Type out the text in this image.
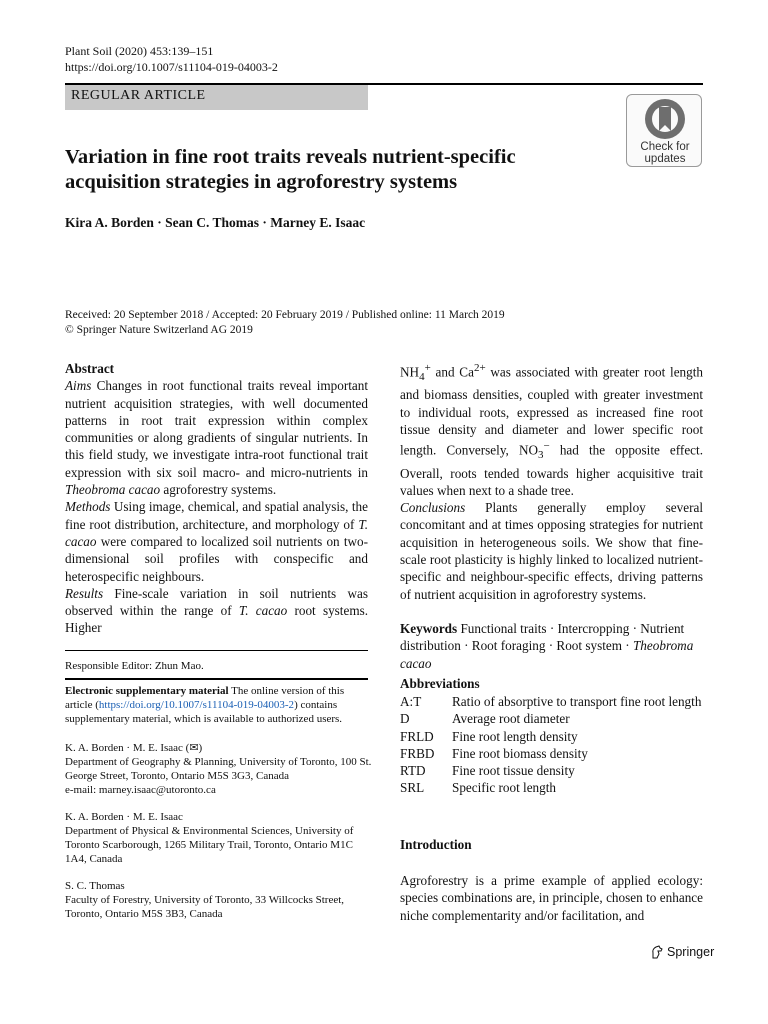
Plant Soil (2020) 453:139–151
https://doi.org/10.1007/s11104-019-04003-2
REGULAR ARTICLE
Check for updates
Variation in fine root traits reveals nutrient-specific acquisition strategies in agroforestry systems
Kira A. Borden · Sean C. Thomas · Marney E. Isaac
Received: 20 September 2018 / Accepted: 20 February 2019 / Published online: 11 March 2019
© Springer Nature Switzerland AG 2019

Abstract

Aims Changes in root functional traits reveal important nutrient acquisition strategies, with well documented patterns in root trait expression within complex communities or along gradients of singular nutrients. In this field study, we investigate intra-root functional trait expression with six soil macro- and micro-nutrients in Theobroma cacao agroforestry systems.

Methods Using image, chemical, and spatial analysis, the fine root distribution, architecture, and morphology of T. cacao were compared to localized soil nutrients on two-dimensional soil profiles with conspecific and heterospecific neighbours.

Results Fine-scale variation in soil nutrients was observed within the range of T. cacao root systems. Higher

Responsible Editor: Zhun Mao.
Electronic supplementary material The online version of this article (https://doi.org/10.1007/s11104-019-04003-2) contains supplementary material, which is available to authorized users.
K. A. Borden · M. E. Isaac (✉)
Department of Geography & Planning, University of Toronto, 100 St. George Street, Toronto, Ontario M5S 3G3, Canada
e-mail: marney.isaac@utoronto.ca
K. A. Borden · M. E. Isaac
Department of Physical & Environmental Sciences, University of Toronto Scarborough, 1265 Military Trail, Toronto, Ontario M1C 1A4, Canada
S. C. Thomas
Faculty of Forestry, University of Toronto, 33 Willcocks Street, Toronto, Ontario M5S 3B3, Canada

$NH_4^+$ and $Ca^{2+}$ was associated with greater root length and biomass densities, coupled with greater investment to individual roots, expressed as increased fine root tissue density and diameter and lower specific root length. Conversely, $NO_3^-$ had the opposite effect. Overall, roots tended towards higher acquisitive trait values when next to a shade tree.

Conclusions Plants generally employ several concomitant and at times opposing strategies for nutrient acquisition in heterogeneous soils. We show that fine-scale root plasticity is highly linked to localized nutrient-specific and neighbour-specific effects, driving patterns of nutrient acquisition in agroforestry systems.

Keywords Functional traits · Intercropping · Nutrient distribution · Root foraging · Root system · Theobroma cacao

Abbreviations
A:T	Ratio of absorptive to transport fine root length
D	Average root diameter
FRLD	Fine root length density
FRBD	Fine root biomass density
RTD	Fine root tissue density
SRL	Specific root length
Introduction
Agroforestry is a prime example of applied ecology: species combinations are, in principle, chosen to enhance niche complementarity and/or facilitation, and
Springer
